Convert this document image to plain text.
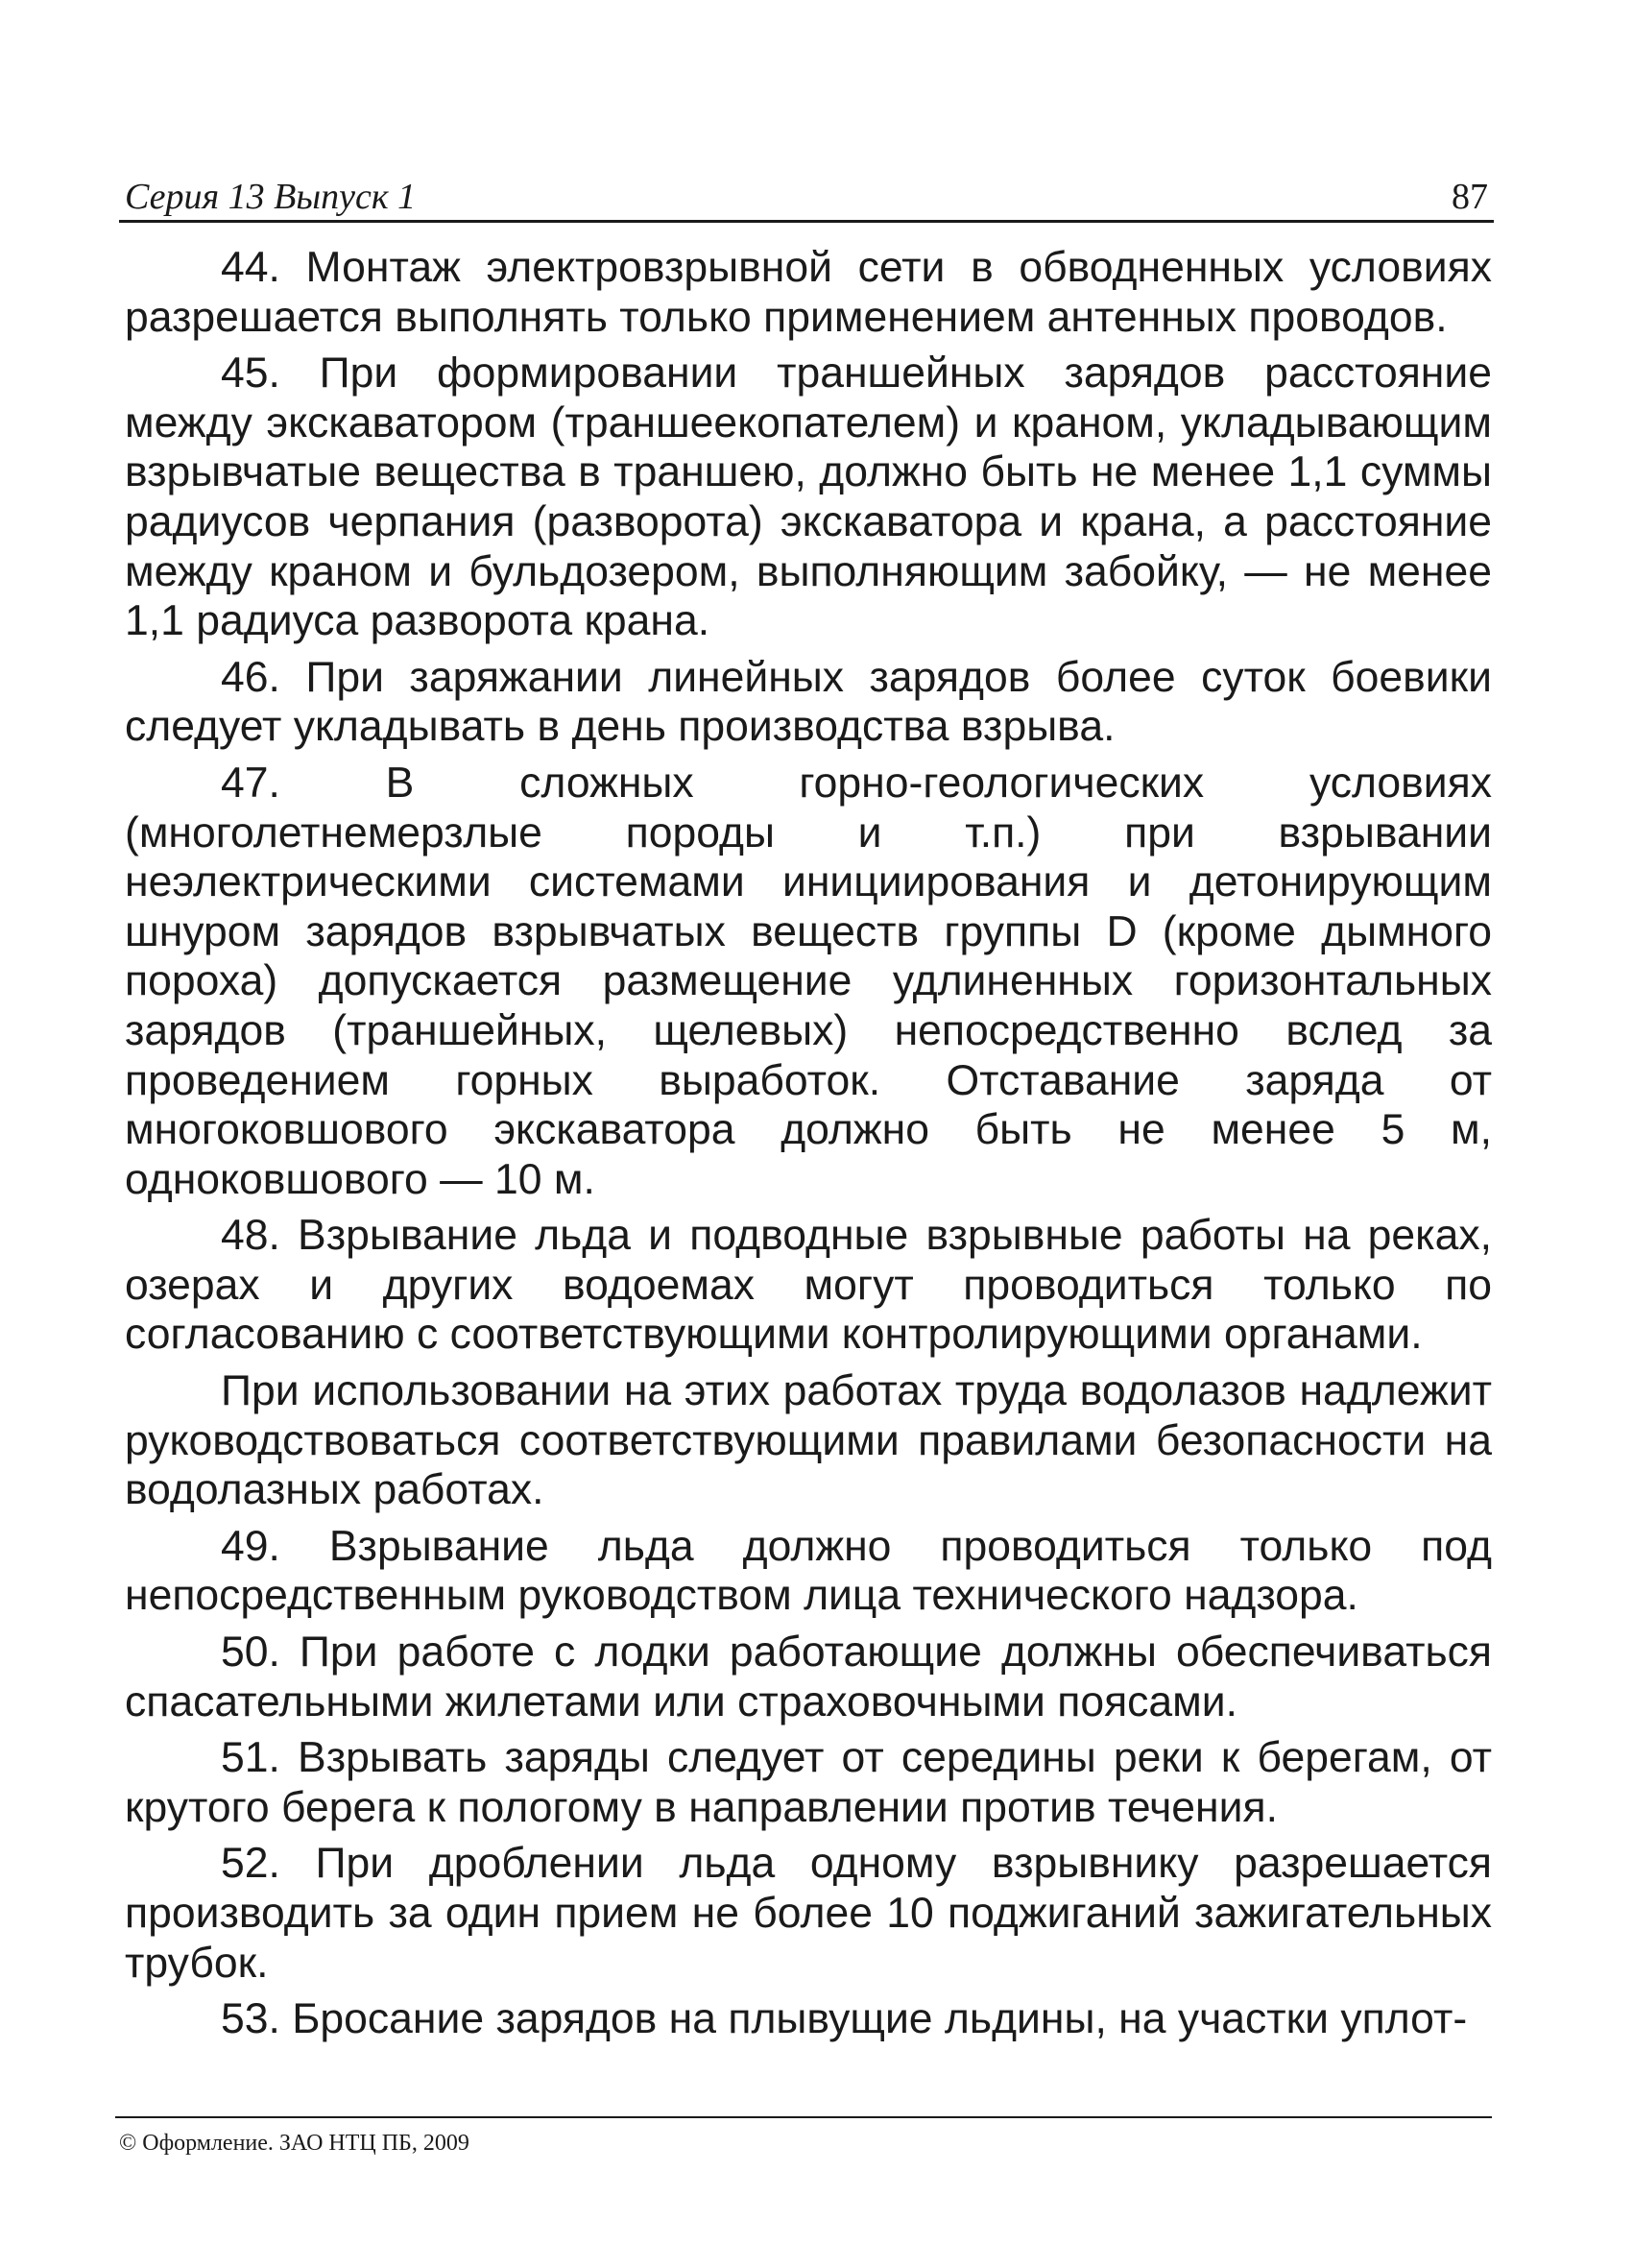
Серия 13 Выпуск 1	87

44. Монтаж электровзрывной сети в обводненных условиях разрешается выполнять только применением антенных проводов.

45. При формировании траншейных зарядов расстояние между экскаватором (траншеекопателем) и краном, укладывающим взрывчатые вещества в траншею, должно быть не менее 1,1 суммы радиусов черпания (разворота) экскаватора и крана, а расстояние между краном и бульдозером, выполняющим забойку, — не менее 1,1 радиуса разворота крана.

46. При заряжании линейных зарядов более суток боевики следует укладывать в день производства взрыва.

47. В сложных горно-геологических условиях (многолетнемерзлые породы и т.п.) при взрывании неэлектрическими системами инициирования и детонирующим шнуром зарядов взрывчатых веществ группы D (кроме дымного пороха) допускается размещение удлиненных горизонтальных зарядов (траншейных, щелевых) непосредственно вслед за проведением горных выработок. Отставание заряда от многоковшового экскаватора должно быть не менее 5 м, одноковшового — 10 м.

48. Взрывание льда и подводные взрывные работы на реках, озерах и других водоемах могут проводиться только по согласованию с соответствующими контролирующими органами.

При использовании на этих работах труда водолазов надлежит руководствоваться соответствующими правилами безопасности на водолазных работах.

49. Взрывание льда должно проводиться только под непосредственным руководством лица технического надзора.

50. При работе с лодки работающие должны обеспечиваться спасательными жилетами или страховочными поясами.

51. Взрывать заряды следует от середины реки к берегам, от крутого берега к пологому в направлении против течения.

52. При дроблении льда одному взрывнику разрешается производить за один прием не более 10 поджиганий зажигательных трубок.

53. Бросание зарядов на плывущие льдины, на участки уплот-

© Оформление. ЗАО НТЦ ПБ, 2009
